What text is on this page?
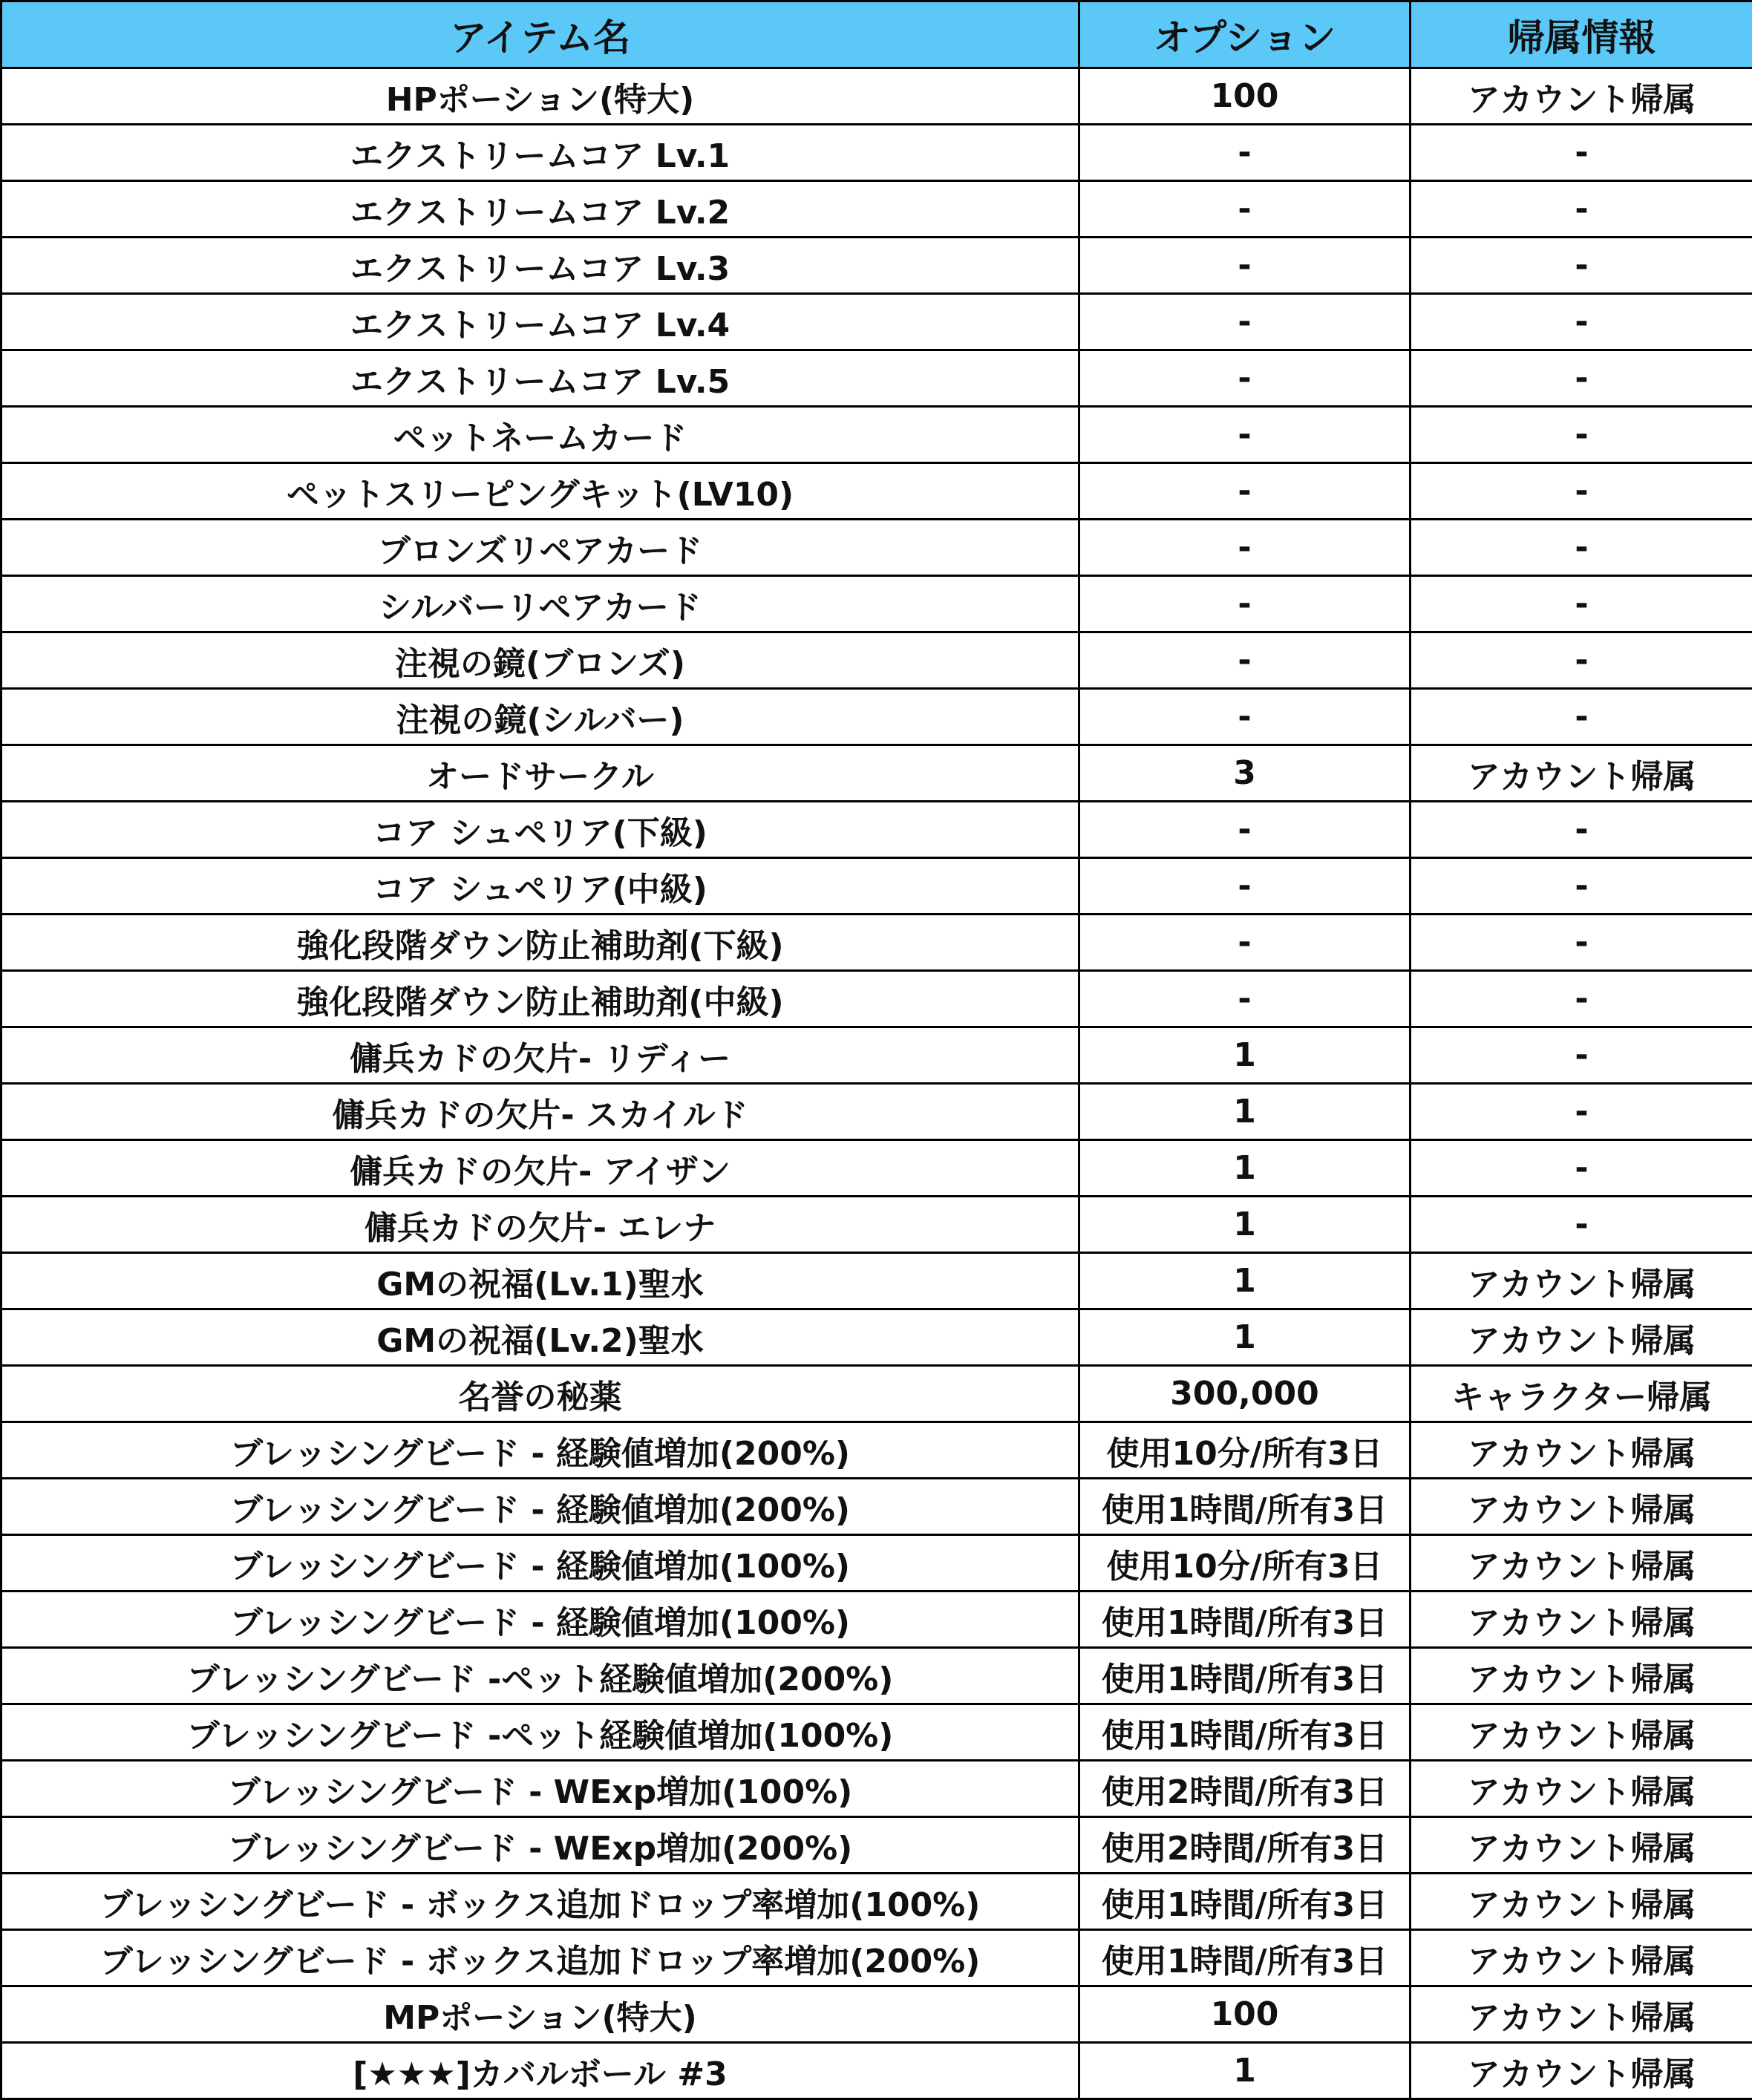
アイテム名	オプション	帰属情報
HPポーション(特大)	100	アカウント帰属
エクストリームコア Lv.1	-	-
エクストリームコア Lv.2	-	-
エクストリームコア Lv.3	-	-
エクストリームコア Lv.4	-	-
エクストリームコア Lv.5	-	-
ペットネームカード	-	-
ペットスリーピングキット(LV10)	-	-
ブロンズリペアカード	-	-
シルバーリペアカード	-	-
注視の鏡(ブロンズ)	-	-
注視の鏡(シルバー)	-	-
オードサークル	3	アカウント帰属
コア シュペリア(下級)	-	-
コア シュペリア(中級)	-	-
強化段階ダウン防止補助剤(下級)	-	-
強化段階ダウン防止補助剤(中級)	-	-
傭兵カドの欠片- リディー	1	-
傭兵カドの欠片- スカイルド	1	-
傭兵カドの欠片- アイザン	1	-
傭兵カドの欠片- エレナ	1	-
GMの祝福(Lv.1)聖水	1	アカウント帰属
GMの祝福(Lv.2)聖水	1	アカウント帰属
名誉の秘薬	300,000	キャラクター帰属
ブレッシングビード - 経験値増加(200%)	使用10分/所有3日	アカウント帰属
ブレッシングビード - 経験値増加(200%)	使用1時間/所有3日	アカウント帰属
ブレッシングビード - 経験値増加(100%)	使用10分/所有3日	アカウント帰属
ブレッシングビード - 経験値増加(100%)	使用1時間/所有3日	アカウント帰属
ブレッシングビード -ペット経験値増加(200%)	使用1時間/所有3日	アカウント帰属
ブレッシングビード -ペット経験値増加(100%)	使用1時間/所有3日	アカウント帰属
ブレッシングビード - WExp増加(100%)	使用2時間/所有3日	アカウント帰属
ブレッシングビード - WExp増加(200%)	使用2時間/所有3日	アカウント帰属
ブレッシングビード - ボックス追加ドロップ率増加(100%)	使用1時間/所有3日	アカウント帰属
ブレッシングビード - ボックス追加ドロップ率増加(200%)	使用1時間/所有3日	アカウント帰属
MPポーション(特大)	100	アカウント帰属
[★★★]カバルボール #3	1	アカウント帰属
